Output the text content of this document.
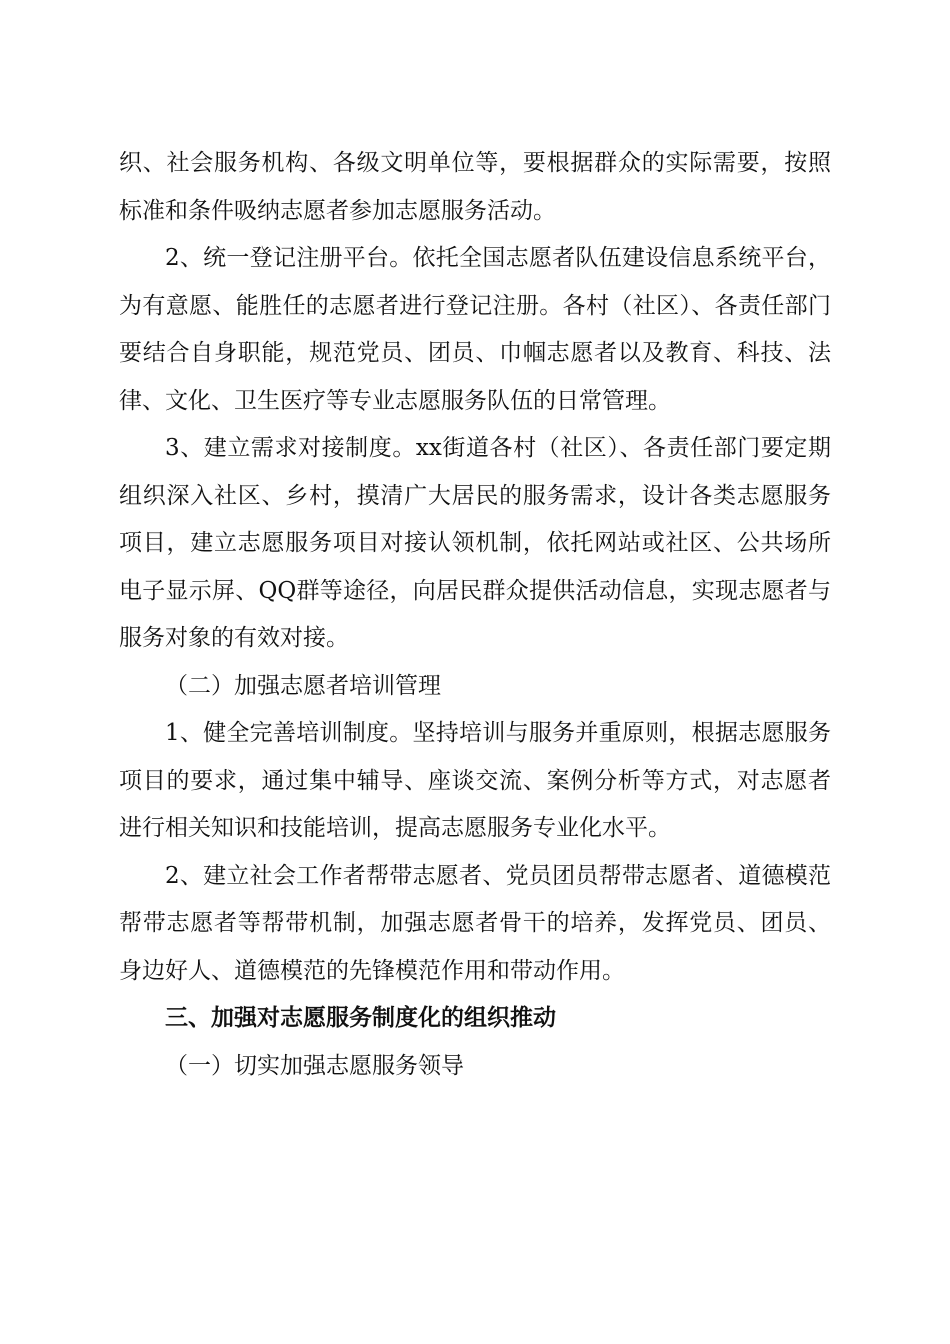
织、社会服务机构、各级文明单位等，要根据群众的实际需要，按照标准和条件吸纳志愿者参加志愿服务活动。

2、统一登记注册平台。依托全国志愿者队伍建设信息系统平台，为有意愿、能胜任的志愿者进行登记注册。各村（社区）、各责任部门要结合自身职能，规范党员、团员、巾帼志愿者以及教育、科技、法律、文化、卫生医疗等专业志愿服务队伍的日常管理。

3、建立需求对接制度。xx街道各村（社区）、各责任部门要定期组织深入社区、乡村，摸清广大居民的服务需求，设计各类志愿服务项目，建立志愿服务项目对接认领机制，依托网站或社区、公共场所电子显示屏、QQ群等途径，向居民群众提供活动信息，实现志愿者与服务对象的有效对接。

（二）加强志愿者培训管理

1、健全完善培训制度。坚持培训与服务并重原则，根据志愿服务项目的要求，通过集中辅导、座谈交流、案例分析等方式，对志愿者进行相关知识和技能培训，提高志愿服务专业化水平。

2、建立社会工作者帮带志愿者、党员团员帮带志愿者、道德模范帮带志愿者等帮带机制，加强志愿者骨干的培养，发挥党员、团员、身边好人、道德模范的先锋模范作用和带动作用。

三、加强对志愿服务制度化的组织推动

（一）切实加强志愿服务领导
